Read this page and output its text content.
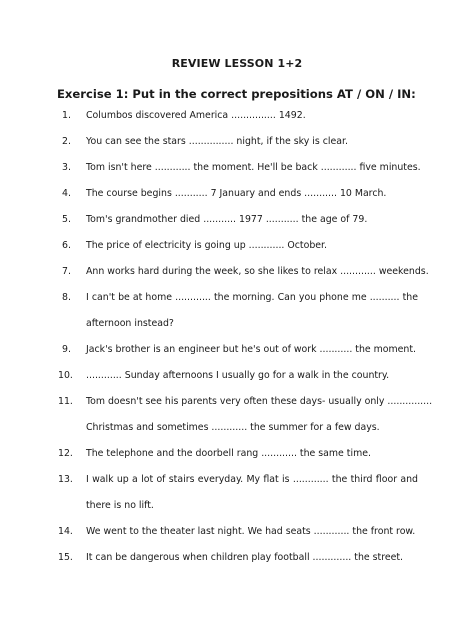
REVIEW LESSON 1+2
Exercise 1: Put in the correct prepositions AT / ON / IN:
1.	Columbos discovered America ............... 1492.
2.	You can see the stars ............... night, if the sky is clear.
3.	Tom isn't here ............ the moment. He'll be back ............ five minutes.
4.	The course begins ........... 7 January and ends ........... 10 March.
5.	Tom's grandmother died ........... 1977 ........... the age of 79.
6.	The price of electricity is going up ............ October.
7.	Ann works hard during the week, so she likes to relax ............ weekends.
8.	I can't be at home ............ the morning. Can you phone me .......... the
afternoon instead?
9.	Jack's brother is an engineer but he's out of work ........... the moment.
10.	............ Sunday afternoons I usually go for a walk in the country.
11.	Tom doesn't see his parents very often these days- usually only ...............
Christmas and sometimes ............ the summer for a few days.
12.	The telephone and the doorbell rang ............ the same time.
13.	I walk up a lot of stairs everyday. My flat is ............ the third floor and
there is no lift.
14.	We went to the theater last night. We had seats ............ the front row.
15.	It can be dangerous when children play football ............. the street.
